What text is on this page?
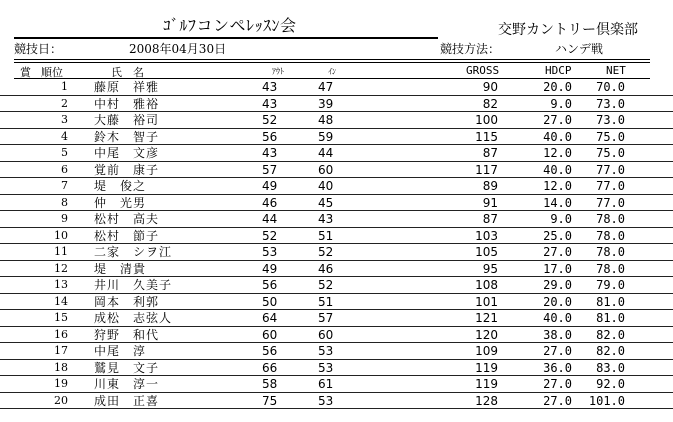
ｺﾞﾙﾌコンペﾚｯｽﾝ会	交野カントリー倶楽部
競技日：	2008年04月30日	競技方法：	ハンデ戦
賞 順位	氏　名	ｱｳﾄ	ｲﾝ	GROSS	HDCP	NET
1 藤原　祥雅	43	47	90	20.0	70.0
2 中村　雅裕	43	39	82	9.0	73.0
3 大藤　裕司	52	48	100	27.0	73.0
4 鈴木　智子	56	59	115	40.0	75.0
5 中尾　文彦	43	44	87	12.0	75.0
6 覚前　康子	57	60	117	40.0	77.0
7 堤　俊之	49	40	89	12.0	77.0
8 仲　光男	46	45	91	14.0	77.0
9 松村　高夫	44	43	87	9.0	78.0
10 松村　節子	52	51	103	25.0	78.0
11 二家　シヲ江	53	52	105	27.0	78.0
12 堤　清貴	49	46	95	17.0	78.0
13 井川　久美子	56	52	108	29.0	79.0
14 岡本　利郭	50	51	101	20.0	81.0
15 成松　志弦人	64	57	121	40.0	81.0
16 狩野　和代	60	60	120	38.0	82.0
17 中尾　淳	56	53	109	27.0	82.0
18 鷲見　文子	66	53	119	36.0	83.0
19 川東　淳一	58	61	119	27.0	92.0
20 成田　正喜	75	53	128	27.0	101.0
